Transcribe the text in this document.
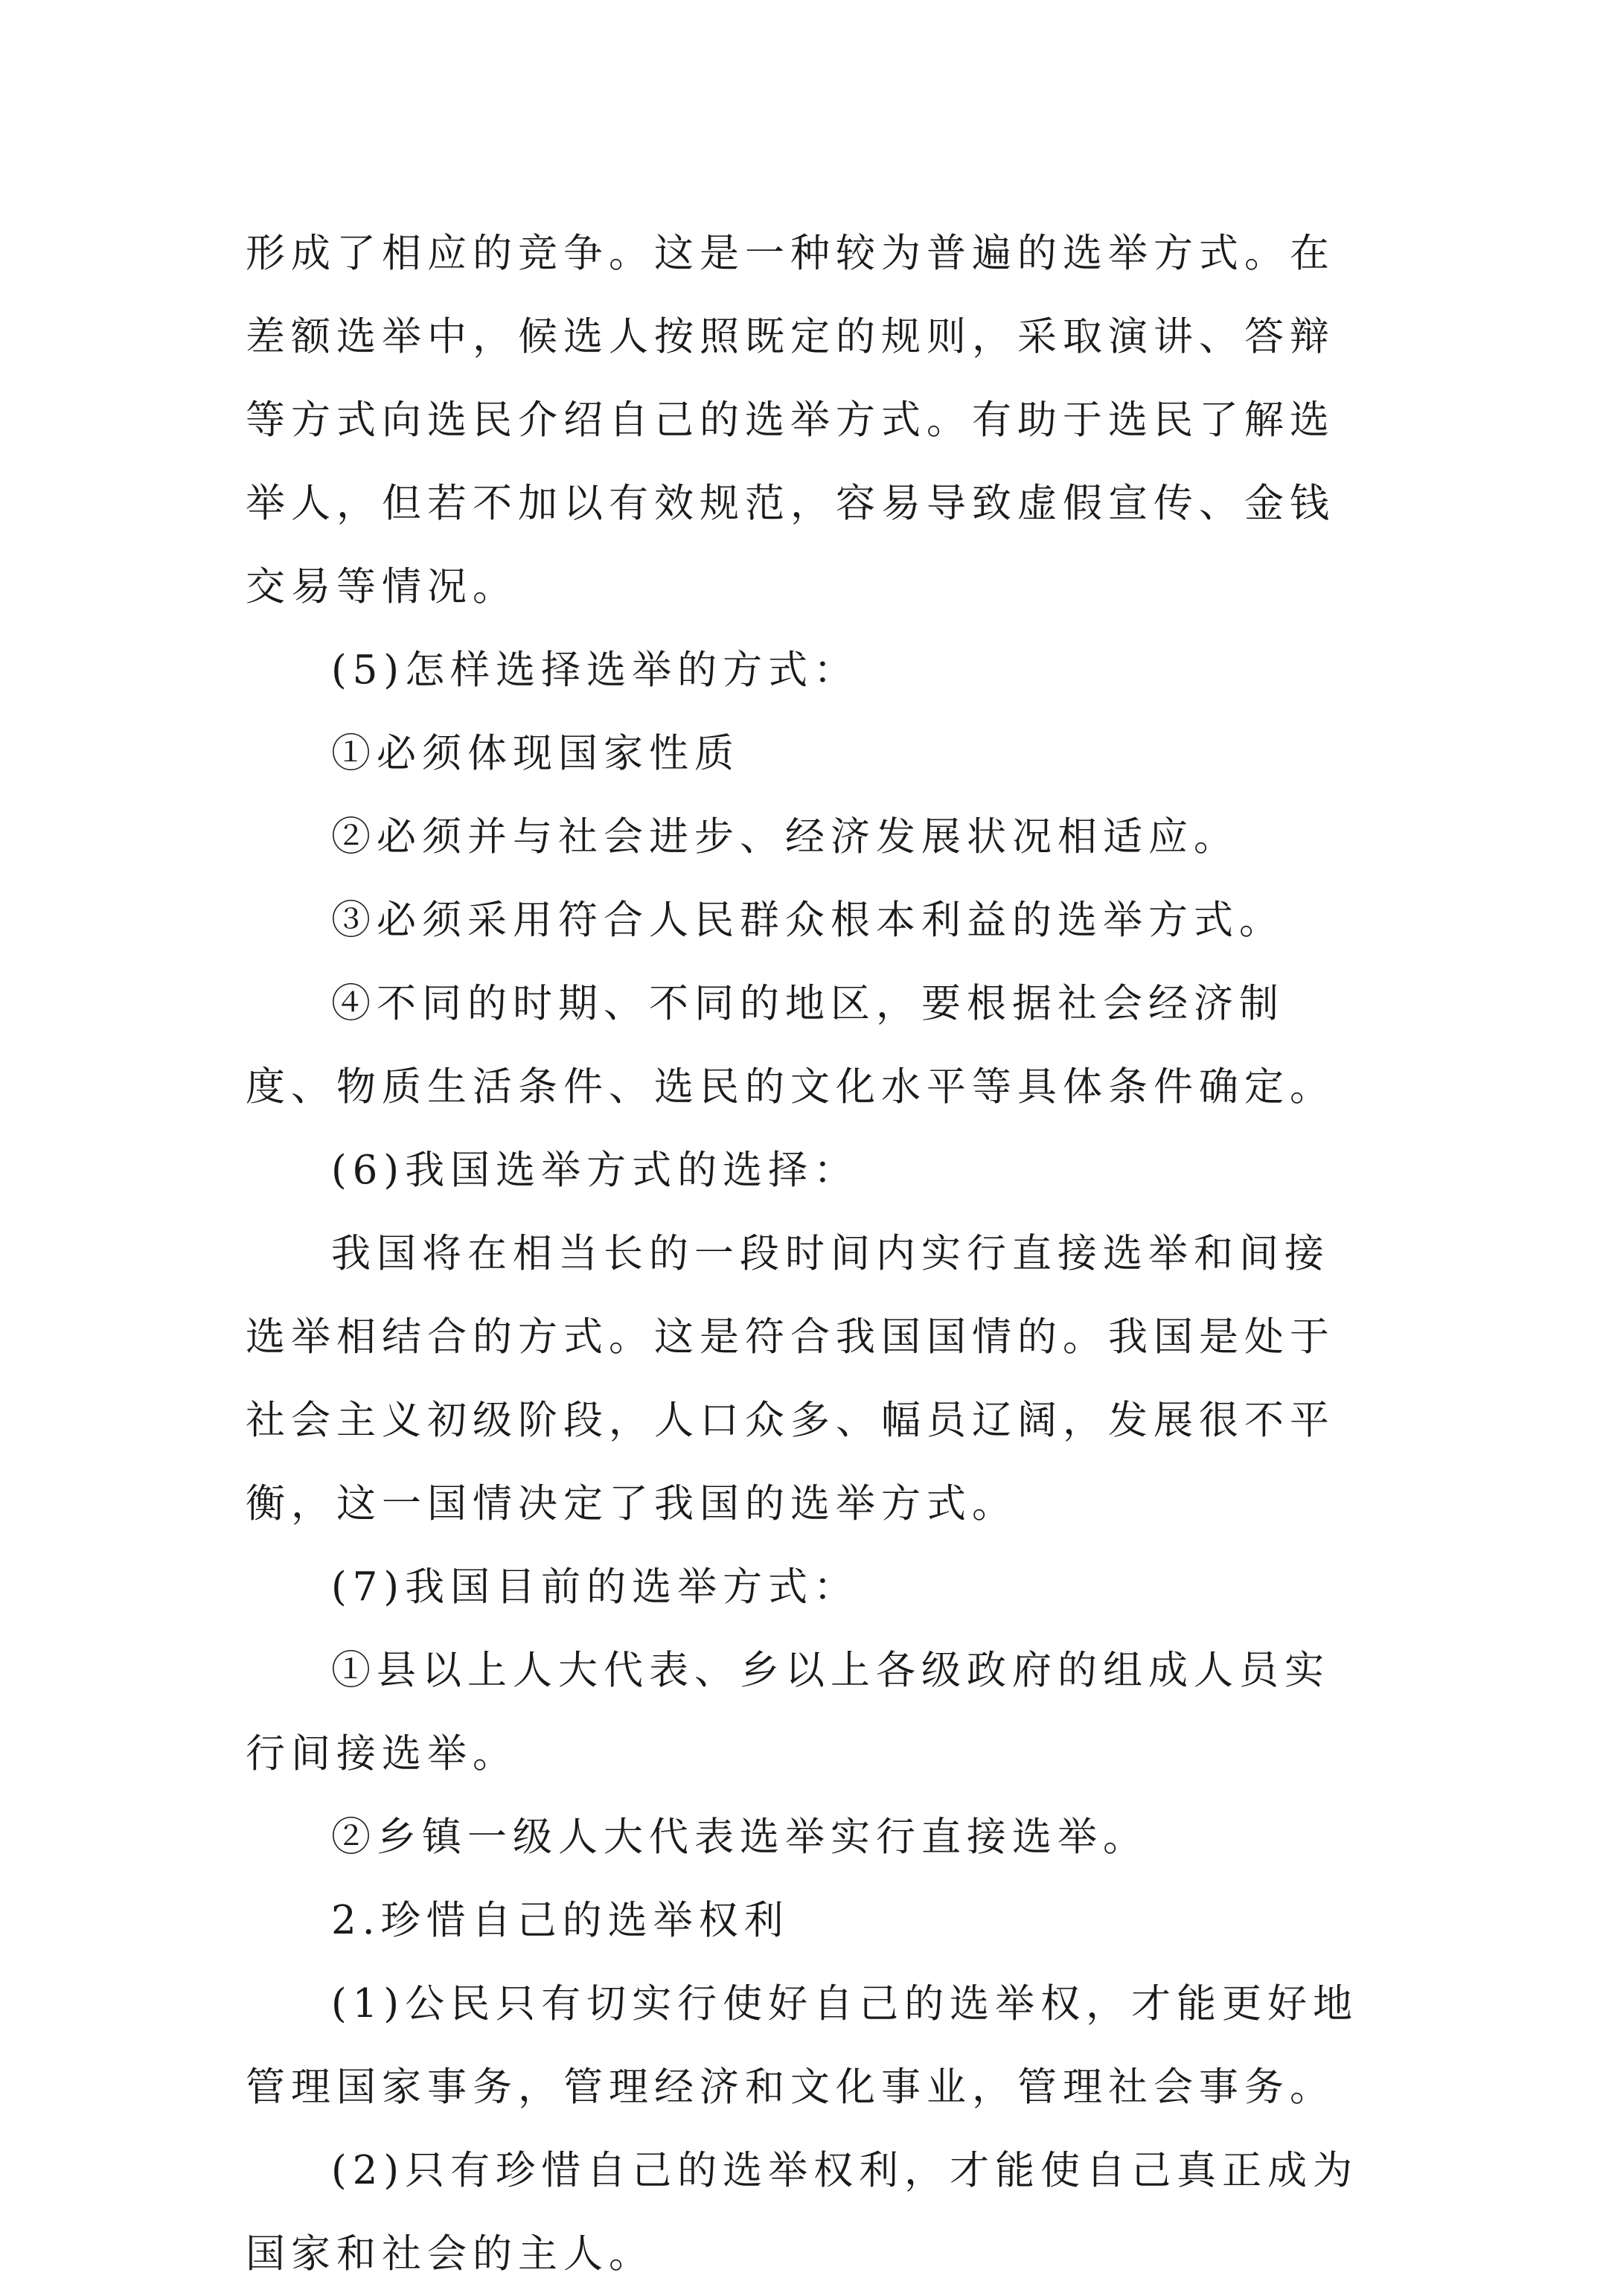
形成了相应的竞争。这是一种较为普遍的选举方式。在差额选举中，候选人按照既定的规则，采取演讲、答辩等方式向选民介绍自己的选举方式。有助于选民了解选举人，但若不加以有效规范，容易导致虚假宣传、金钱交易等情况。

(5)怎样选择选举的方式：

①必须体现国家性质

②必须并与社会进步、经济发展状况相适应。

③必须采用符合人民群众根本利益的选举方式。

④不同的时期、不同的地区，要根据社会经济制度、物质生活条件、选民的文化水平等具体条件确定。

(6)我国选举方式的选择：

我国将在相当长的一段时间内实行直接选举和间接选举相结合的方式。这是符合我国国情的。我国是处于社会主义初级阶段，人口众多、幅员辽阔，发展很不平衡，这一国情决定了我国的选举方式。

(7)我国目前的选举方式：

①县以上人大代表、乡以上各级政府的组成人员实行间接选举。

②乡镇一级人大代表选举实行直接选举。

2.珍惜自己的选举权利

(1)公民只有切实行使好自己的选举权，才能更好地管理国家事务，管理经济和文化事业，管理社会事务。

(2)只有珍惜自己的选举权利，才能使自己真正成为国家和社会的主人。
